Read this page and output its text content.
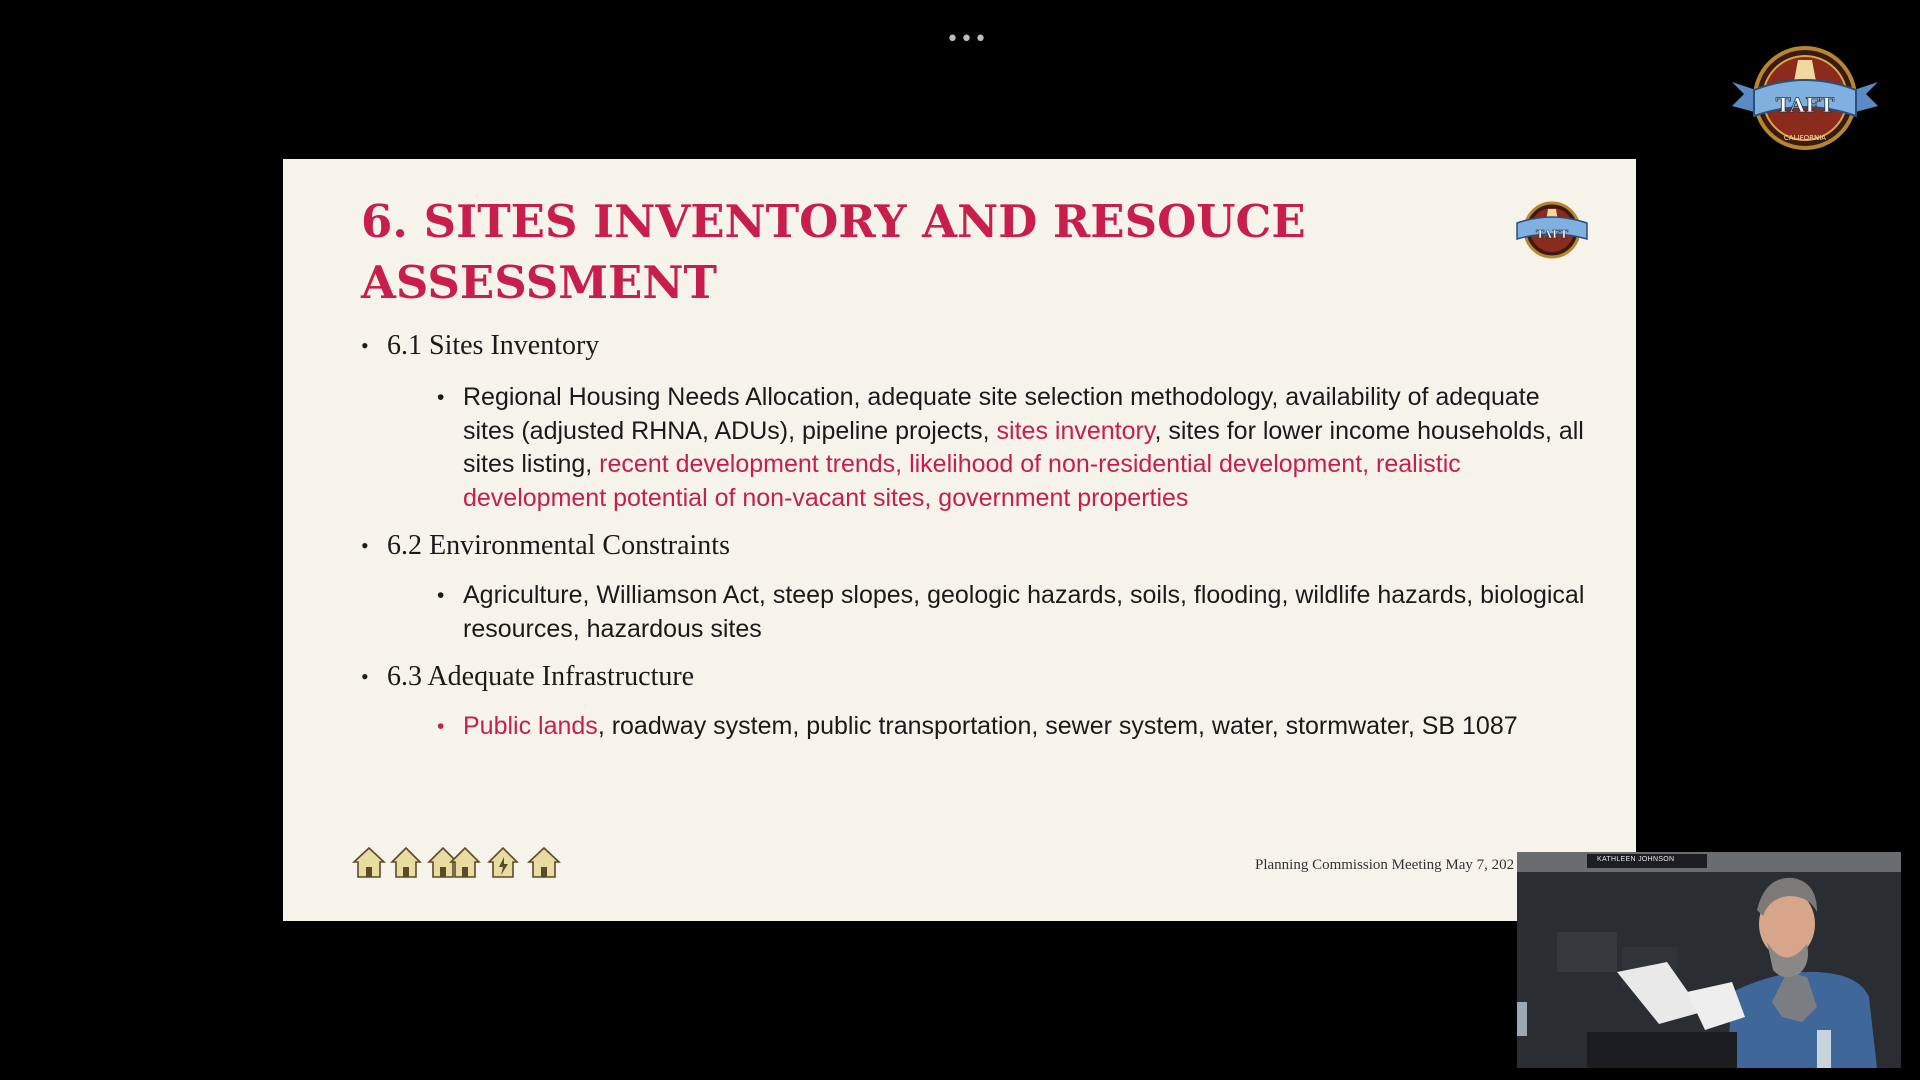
•••
TAFT
CALIFORNIA
6. SITES INVENTORY AND RESOUCE ASSESSMENT
TAFT
• 6.1 Sites Inventory
• Regional Housing Needs Allocation, adequate site selection methodology, availability of adequate sites (adjusted RHNA, ADUs), pipeline projects, sites inventory, sites for lower income households, all sites listing, recent development trends, likelihood of non-residential development, realistic development potential of non-vacant sites, government properties
• 6.2 Environmental Constraints
• Agriculture, Williamson Act, steep slopes, geologic hazards, soils, flooding, wildlife hazards, biological resources, hazardous sites
• 6.3 Adequate Infrastructure
• Public lands, roadway system, public transportation, sewer system, water, stormwater, SB 1087
Planning Commission Meeting May 7, 202	KATHLEEN JOHNSON
